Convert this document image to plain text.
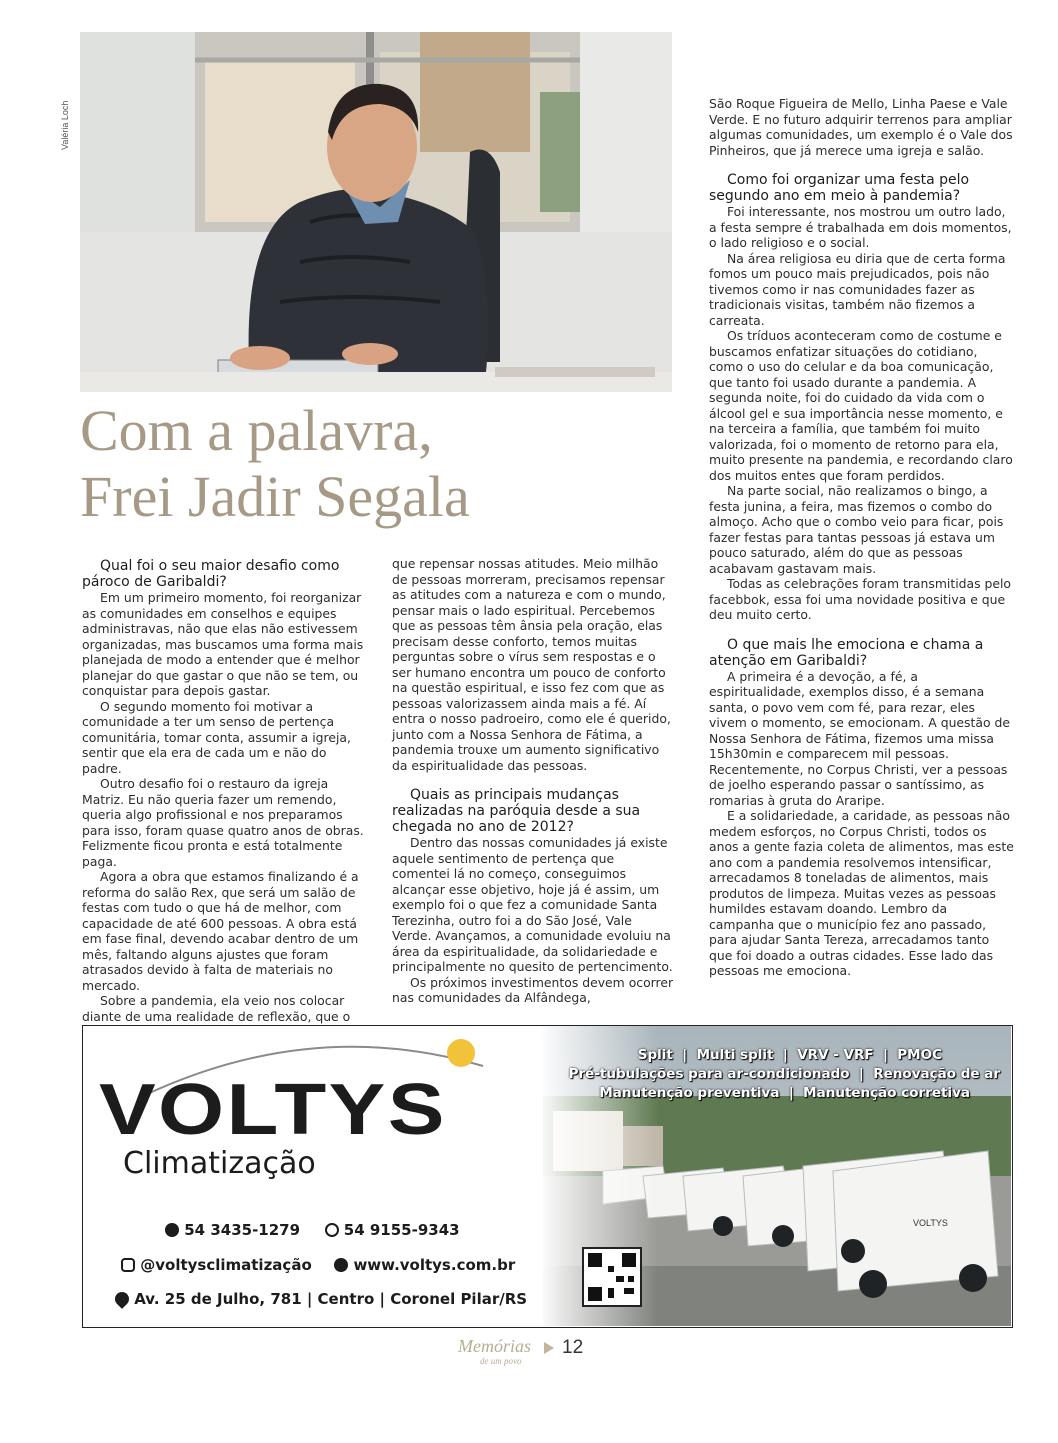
Valéria Loch
Com a palavra,
Frei Jadir Segala
Qual foi o seu maior desafio como pároco de Garibaldi?

Em um primeiro momento, foi reorganizar as comunidades em conselhos e equipes administravas, não que elas não estivessem organizadas, mas buscamos uma forma mais planejada de modo a entender que é melhor planejar do que gastar o que não se tem, ou conquistar para depois gastar.

O segundo momento foi motivar a comunidade a ter um senso de pertença comunitária, tomar conta, assumir a igreja, sentir que ela era de cada um e não do padre.

Outro desafio foi o restauro da igreja Matriz. Eu não queria fazer um remendo, queria algo profissional e nos preparamos para isso, foram quase quatro anos de obras. Felizmente ficou pronta e está totalmente paga.

Agora a obra que estamos finalizando é a reforma do salão Rex, que será um salão de festas com tudo o que há de melhor, com capacidade de até 600 pessoas. A obra está em fase final, devendo acabar dentro de um mês, faltando alguns ajustes que foram atrasados devido à falta de materiais no mercado.

Sobre a pandemia, ela veio nos colocar diante de uma realidade de reflexão, que o

que repensar nossas atitudes. Meio milhão de pessoas morreram, precisamos repensar as atitudes com a natureza e com o mundo, pensar mais o lado espiritual. Percebemos que as pessoas têm ânsia pela oração, elas precisam desse conforto, temos muitas perguntas sobre o vírus sem respostas e o ser humano encontra um pouco de conforto na questão espiritual, e isso fez com que as pessoas valorizassem ainda mais a fé. Aí entra o nosso padroeiro, como ele é querido, junto com a Nossa Senhora de Fátima, a pandemia trouxe um aumento significativo da espiritualidade das pessoas.

Quais as principais mudanças realizadas na paróquia desde a sua chegada no ano de 2012?

Dentro das nossas comunidades já existe aquele sentimento de pertença que comentei lá no começo, conseguimos alcançar esse objetivo, hoje já é assim, um exemplo foi o que fez a comunidade Santa Terezinha, outro foi a do São José, Vale Verde. Avançamos, a comunidade evoluiu na área da espiritualidade, da solidariedade e principalmente no quesito de pertencimento.

Os próximos investimentos devem ocorrer nas comunidades da Alfândega,

São Roque Figueira de Mello, Linha Paese e Vale Verde. E no futuro adquirir terrenos para ampliar algumas comunidades, um exemplo é o Vale dos Pinheiros, que já merece uma igreja e salão.

Como foi organizar uma festa pelo segundo ano em meio à pandemia?

Foi interessante, nos mostrou um outro lado, a festa sempre é trabalhada em dois momentos, o lado religioso e o social.

Na área religiosa eu diria que de certa forma fomos um pouco mais prejudicados, pois não tivemos como ir nas comunidades fazer as tradicionais visitas, também não fizemos a carreata.

Os tríduos aconteceram como de costume e buscamos enfatizar situações do cotidiano, como o uso do celular e da boa comunicação, que tanto foi usado durante a pandemia. A segunda noite, foi do cuidado da vida com o álcool gel e sua importância nesse momento, e na terceira a família, que também foi muito valorizada, foi o momento de retorno para ela, muito presente na pandemia, e recordando claro dos muitos entes que foram perdidos.

Na parte social, não realizamos o bingo, a festa junina, a feira, mas fizemos o combo do almoço. Acho que o combo veio para ficar, pois fazer festas para tantas pessoas já estava um pouco saturado, além do que as pessoas acabavam gastavam mais.

Todas as celebrações foram transmitidas pelo facebbok, essa foi uma novidade positiva e que deu muito certo.

O que mais lhe emociona e chama a atenção em Garibaldi?

A primeira é a devoção, a fé, a espiritualidade, exemplos disso, é a semana santa, o povo vem com fé, para rezar, eles vivem o momento, se emocionam. A questão de Nossa Senhora de Fátima, fizemos uma missa 15h30min e comparecem mil pessoas. Recentemente, no Corpus Christi, ver a pessoas de joelho esperando passar o santíssimo, as romarias à gruta do Araripe.

E a solidariedade, a caridade, as pessoas não medem esforços, no Corpus Christi, todos os anos a gente fazia coleta de alimentos, mas este ano com a pandemia resolvemos intensificar, arrecadamos 8 toneladas de alimentos, mais produtos de limpeza. Muitas vezes as pessoas humildes estavam doando. Lembro da campanha que o município fez ano passado, para ajudar Santa Tereza, arrecadamos tanto que foi doado a outras cidades. Esse lado das pessoas me emociona.

VOLTYS
VOLTYS
Climatização
54 3435-1279	54 9155-9343
@voltysclimatização	www.voltys.com.br
Av. 25 de Julho, 781 | Centro | Coronel Pilar/RS
Split  |  Multi split  |  VRV - VRF  |  PMOC
Pré-tubulações para ar-condicionado  |  Renovação de ar
Manutenção preventiva  |  Manutenção corretiva
Memórias
de um povo
12
